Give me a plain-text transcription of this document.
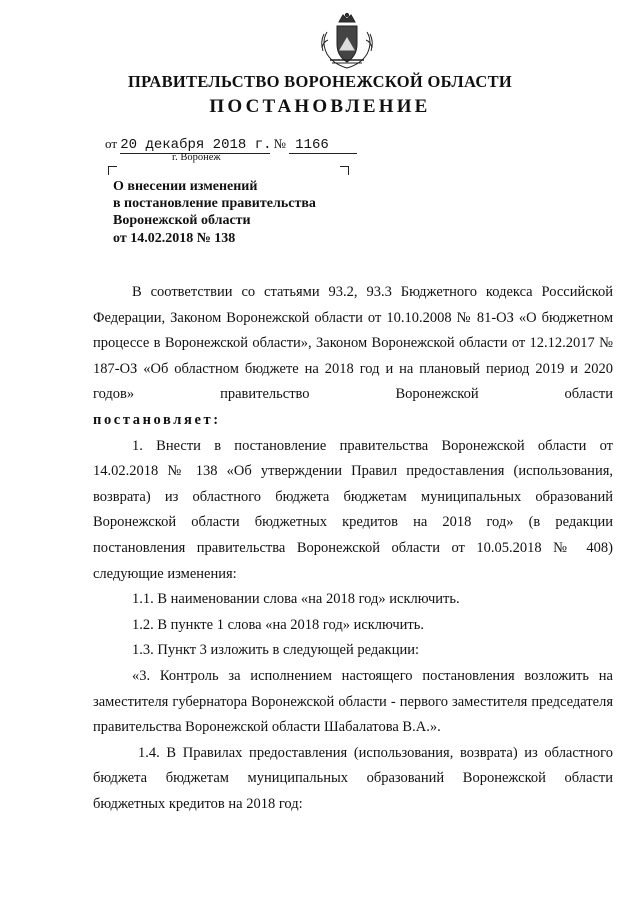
ПРАВИТЕЛЬСТВО ВОРОНЕЖСКОЙ ОБЛАСТИ
ПОСТАНОВЛЕНИЕ
от 20 декабря 2018 г. № 1166
г. Воронеж
О внесении изменений
в постановление правительства
Воронежской области
от 14.02.2018 № 138

В соответствии со статьями 93.2, 93.3 Бюджетного кодекса Российской Федерации, Законом Воронежской области от 10.10.2008 № 81-ОЗ «О бюджетном процессе в Воронежской области», Законом Воронежской области от 12.12.2017 № 187-ОЗ «Об областном бюджете на 2018 год и на плановый период 2019 и 2020 годов» правительство Воронежской области

постановляет:

1. Внести в постановление правительства Воронежской области от 14.02.2018 № 138 «Об утверждении Правил предоставления (использования, возврата) из областного бюджета бюджетам муниципальных образований Воронежской области бюджетных кредитов на 2018 год» (в редакции постановления правительства Воронежской области от 10.05.2018 № 408) следующие изменения:

1.1. В наименовании слова «на 2018 год» исключить.

1.2. В пункте 1 слова «на 2018 год» исключить.

1.3. Пункт 3 изложить в следующей редакции:

«3. Контроль за исполнением настоящего постановления возложить на заместителя губернатора Воронежской области - первого заместителя председателя правительства Воронежской области Шабалатова В.А.».

1.4. В Правилах предоставления (использования, возврата) из областного бюджета бюджетам муниципальных образований Воронежской области бюджетных кредитов на 2018 год:
